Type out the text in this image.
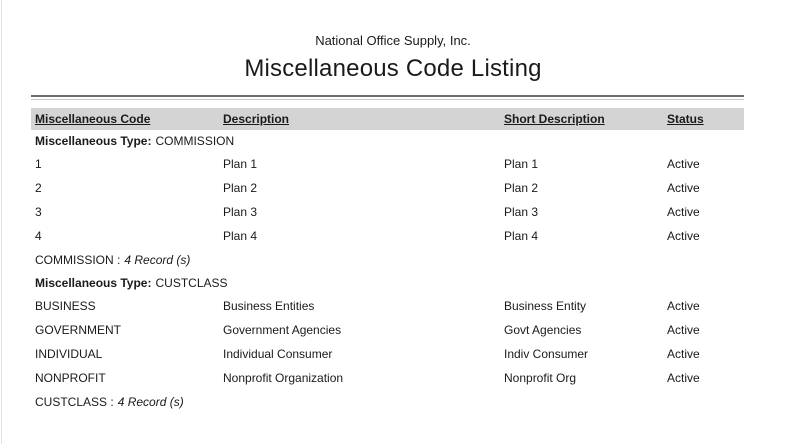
National Office Supply, Inc.
Miscellaneous Code Listing
Miscellaneous Code	Description	Short Description	Status
Miscellaneous Type: COMMISSION
1	Plan 1	Plan 1	Active
2	Plan 2	Plan 2	Active
3	Plan 3	Plan 3	Active
4	Plan 4	Plan 4	Active
COMMISSION : 4 Record (s)
Miscellaneous Type: CUSTCLASS
BUSINESS	Business Entities	Business Entity	Active
GOVERNMENT	Government Agencies	Govt Agencies	Active
INDIVIDUAL	Individual Consumer	Indiv Consumer	Active
NONPROFIT	Nonprofit Organization	Nonprofit Org	Active
CUSTCLASS : 4 Record (s)
